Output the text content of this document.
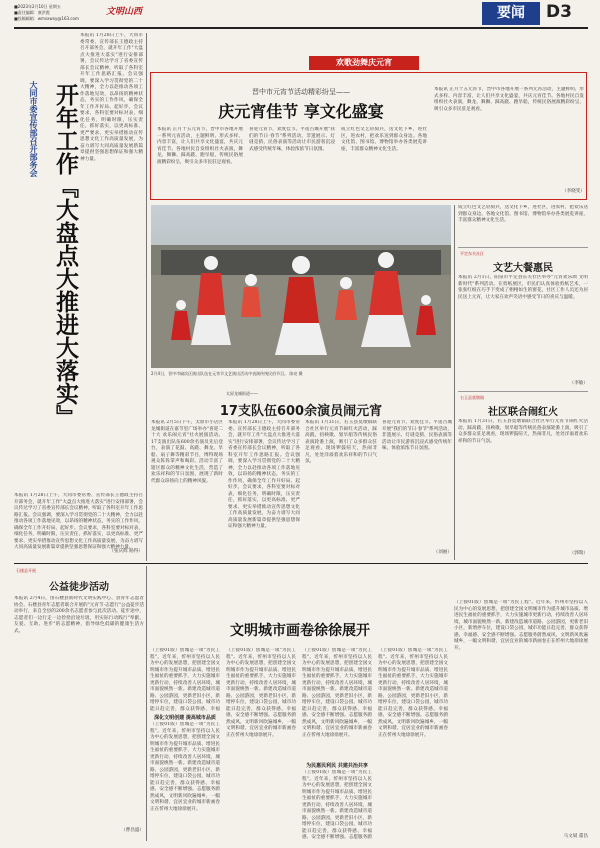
■2023年2月10日 星期五
■责任编辑：康洪霞
■投稿邮箱：wmsxwxy@163.com
文明山西	要闻	D3
大同市委宣传部召开部务会 开年工作『大盘点大推进大落实』
本报讯 1月28日上午，大同市委常委、宣传部长王德政主持召开部务会，就开年工作"大盘点大推进大落实"进行安排部署，会议传达学习了省委宣传部长会议精神，听取了各科室开年工作思路汇报。会议强调，要深入学习贯彻党的二十大精神，全力以赴推动各项工作落地见效，以昂扬的精神状态，务实的工作作风，确保全年工作开好局、起好步。会议要求，各科室要对标对表，细化任务，明确时限，压实责任，抓好落实，以更高标准、更严要求、更实举措推动宣传思想文化工作高质量发展，为奋力谱写大同高质量发展新篇章提供坚强思想保证和强大精神力量。
本报讯 1月28日上午，大同市委常委、宣传部长王德政主持召开部务会，就开年工作"大盘点大推进大落实"进行安排部署，会议传达学习了省委宣传部长会议精神，听取了各科室开年工作思路汇报。会议强调，要深入学习贯彻党的二十大精神，全力以赴推动各项工作落地见效，以昂扬的精神状态，务实的工作作风，确保全年工作开好局、起好步。会议要求，各科室要对标对表，细化任务，明确时限，压实责任，抓好落实，以更高标准、更严要求、更实举措推动宣传思想文化工作高质量发展，为奋力谱写大同高质量发展新篇章提供坚强思想保证和强大精神力量。
（张庆辉 路得）
欢歌劲舞庆元宵
晋中市元宵节活动精彩纷呈——
庆元宵佳节 享文化盛宴
本报讯 正月十五元宵节，晋中市各地开展一系列元宵活动，主题鲜明、形式多样、内容丰富，让人们共享文化盛宴，共庆元宵佳节。各地村民自发组织社火表演，舞龙、舞狮、踩高跷、跑旱船，传统民俗展演精彩纷呈，吸引众多市民驻足观看。
喜迎元宵节，欢度佳节。平遥古城开展"我们的节日·春节"系列活动，非遗展示、灯谜竞猜、民俗表演等活动让市民游客沉浸式感受传统年味，体验浓浓节日氛围。
成立红色文艺轻骑兵，送文化下乡，进社区，进农村，把欢乐送到群众身边。各地文化馆、图书馆、博物馆举办各类展览讲座，丰富群众精神文化生活。
本报讯 正月十五元宵节，晋中市各地开展一系列元宵活动，主题鲜明、形式多样、内容丰富，让人们共享文化盛宴，共庆元宵佳节。各地村民自发组织社火表演，舞龙、舞狮、踩高跷、跑旱船，传统民俗展演精彩纷呈，吸引众多市民驻足观看。
（李晓雯）
2月4日，晋中市榆次区演出队伍在元宵节文艺演出活动中表演传统民俗节目。 陈亮 摄
成立红色文艺轻骑兵，送文化下乡，进社区，进农村，把欢乐送到群众身边。各地文化馆、图书馆、博物馆举办各类展览讲座，丰富群众精神文化生活。
平定东关社区
文艺大餐惠民
本报讯 2月1日，阳泉市平定县东关社区举办"元宵欢乐颂 文明新时代"系列活动。在剪纸展区，市民们认真体验剪纸艺术，一张张红纸在巧手下变成了栩栩如生的窗花，社区工作人员还为居民送上元宵，让大家在欢声笑语中感受节日的喜庆与温暖。
（李敏）
右玉县莫墩镇
社区联合闹红火
本报讯 1月31日，右玉县莫墩镇联合社区举行元宵节闹红火活动，踩高跷、扭秧歌、划旱船等传统民俗表演轮番上演，吸引了众多群众驻足观看，现场锣鼓喧天，热闹非凡，处处洋溢着欢乐祥和的节日气氛。
（郭瑞）
太原龙城街道——
17支队伍600余演员闹元宵
本报讯 2月5日下午，太原市小店区龙城街道在嘉节里广场举办"喜迎二十大 欢乐闹元宵"社火展演活动。17支演出队伍600余名演员先后登台，表演了花鼓、高跷、舞龙、旱船、扇子舞等精彩节目，博得现场观众阵阵掌声和喝彩。活动丰富了辖区群众的精神文化生活，营造了欢乐祥和的节日氛围，展现了新时代群众昂扬向上的精神风貌。
本报讯 1月28日上午，大同市委常委、宣传部长王德政主持召开部务会，就开年工作"大盘点大推进大落实"进行安排部署，会议传达学习了省委宣传部长会议精神，听取了各科室开年工作思路汇报。会议强调，要深入学习贯彻党的二十大精神，全力以赴推动各项工作落地见效，以昂扬的精神状态，务实的工作作风，确保全年工作开好局、起好步。会议要求，各科室要对标对表，细化任务，明确时限，压实责任，抓好落实，以更高标准、更严要求、更实举措推动宣传思想文化工作高质量发展，为奋力谱写大同高质量发展新篇章提供坚强思想保证和强大精神力量。
本报讯 1月31日，右玉县莫墩镇联合社区举行元宵节闹红火活动，踩高跷、扭秧歌、划旱船等传统民俗表演轮番上演，吸引了众多群众驻足观看，现场锣鼓喧天，热闹非凡，处处洋溢着欢乐祥和的节日气氛。
喜迎元宵节，欢度佳节。平遥古城开展"我们的节日·春节"系列活动，非遗展示、灯谜竞猜、民俗表演等活动让市民游客沉浸式感受传统年味，体验浓浓节日氛围。
（刘丽）
石楼县开展
公益徒步活动
本报讯 2月4日，由石楼县新时代文明实践中心、县青年志愿者协会、石楼县青年志愿者联合开展的"元宵节·志愿行"公益徒步活动举行，来自全县的200余名志愿者参与此次活动。徒步途中，志愿者们一边行走一边捡拾沿途垃圾，用实际行动践行"奉献、友爱、互助、进步"的志愿精神，倡导绿色低碳的健康生活方式。
（曹昌盛）
文明城市画卷徐徐展开
（上接01版）创城是一项"为民工程"。近年来，忻州市坚持以人民为中心的发展思想，把创建全国文明城市作为提升城市品质、增进民生福祉的重要抓手，大力实施城市更新行动，持续改善人居环境，城市面貌焕然一新。新建改造城市道路、公园游园，更新老旧小区，新增停车位，建设口袋公园，城市功能日趋完善，群众获得感、幸福
深化文明创建 提高城市品质
（上接01版）创城是一项"为民工程"。近年来，忻州市坚持以人民为中心的发展思想，把创建全国文明城市作为提升城市品质、增进民生福祉的重要抓手，大力实施城市更新行动，持续改善人居环境，城市面貌焕然一新。新建改造城市道路、公园游园，更新老旧小区，新增停车位，建设口袋公园，城市功能日趋完善，群众获得感、幸福感、安全感不断增强。志愿服务蔚然成风，文明新风吹遍城乡，一幅文明和谐、宜居宜业的城市新画卷正在忻州大地徐徐展开。
（上接01版）创城是一项"为民工程"。近年来，忻州市坚持以人民为中心的发展思想，把创建全国文明城市作为提升城市品质、增进民生福祉的重要抓手，大力实施城市更新行动，持续改善人居环境，城市面貌焕然一新。新建改造城市道路、公园游园，更新老旧小区，新增停车位，建设口袋公园，城市功能日趋完善，群众获得感、幸福感、安全感不断增强。志愿服务蔚然成风，文明新风吹遍城乡，一幅文明和谐、宜居宜业的城市新画卷正在忻州大地徐徐展开。
（上接01版）创城是一项"为民工程"。近年来，忻州市坚持以人民为中心的发展思想，把创建全国文明城市作为提升城市品质、增进民生福祉的重要抓手，大力实施城市更新行动，持续改善人居环境，城市面貌焕然一新。新建改造城市道路、公园游园，更新老旧小区，新增停车位，建设口袋公园，城市功能日趋完善，群众获得感、幸福感、安全感不断增强。志愿服务蔚然成风，文明新风吹遍城乡，一幅文明和谐、宜居宜业的城市新画卷正在忻州大地徐徐展开。
为民惠民利民 共建共治共享
（上接01版）创城是一项"为民工程"。近年来，忻州市坚持以人民为中心的发展思想，把创建全国文明城市作为提升城市品质、增进民生福祉的重要抓手，大力实施城市更新行动，持续改善人居环境，城市面貌焕然一新。新建改造城市道路、公园游园，更新老旧小区，新增停车位，建设口袋公园，城市功能日趋完善，群众获得感、幸福感、安全感不断增强。志愿服务蔚
（上接01版）创城是一项"为民工程"。近年来，忻州市坚持以人民为中心的发展思想，把创建全国文明城市作为提升城市品质、增进民生福祉的重要抓手，大力实施城市更新行动，持续改善人居环境，城市面貌焕然一新。新建改造城市道路、公园游园，更新老旧小区，新增停车位，建设口袋公园，城市功能日趋完善，群众获得感、幸福感、安全感不断增强。志愿服务蔚然成风，文明新风吹遍城乡，一幅文明和谐、宜居宜业的城市新画卷正在忻州大地徐徐展开。
（上接01版）创城是一项"为民工程"。近年来，忻州市坚持以人民为中心的发展思想，把创建全国文明城市作为提升城市品质、增进民生福祉的重要抓手，大力实施城市更新行动，持续改善人居环境，城市面貌焕然一新。新建改造城市道路、公园游园，更新老旧小区，新增停车位，建设口袋公园，城市功能日趋完善，群众获得感、幸福感、安全感不断增强。志愿服务蔚然成风，文明新风吹遍城乡，一幅文明和谐、宜居宜业的城市新画卷正在忻州大地徐徐展开。
马文斌 董昌
